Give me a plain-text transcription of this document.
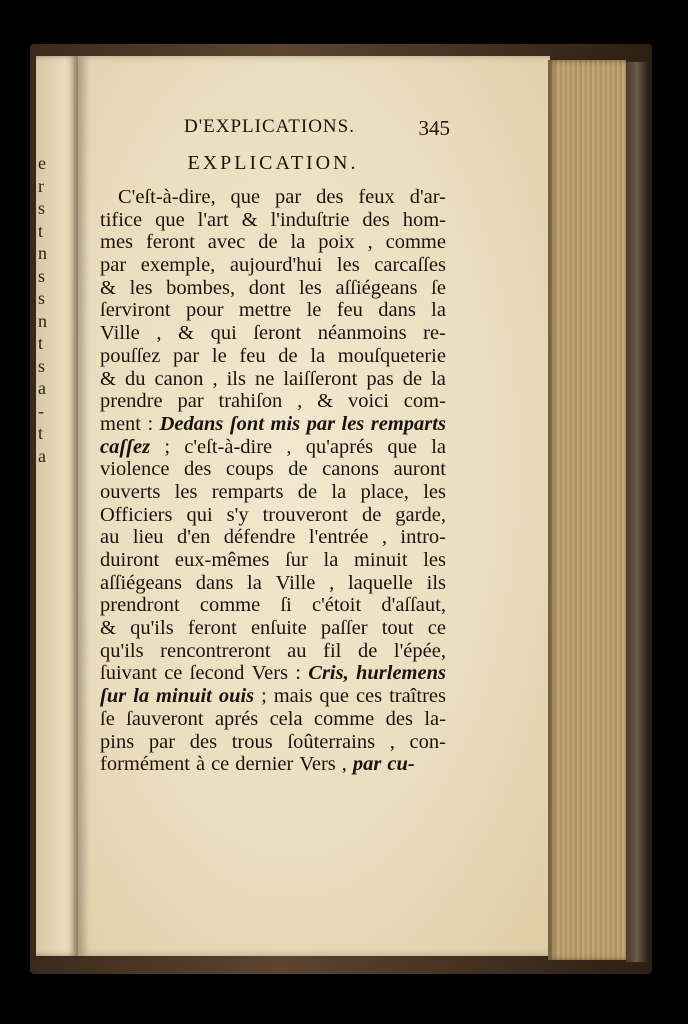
e
r
s
t
n
s
s
n
t
s
a
-
t
a
D'EXPLICATIONS.	345
EXPLICATION.
C'eſt-à-dire, que par des feux d'ar-
tifice que l'art & l'induſtrie des hom-
mes feront avec de la poix , comme
par exemple, aujourd'hui les carcaſſes
& les bombes, dont les aſſiégeans ſe
ſerviront pour mettre le feu dans la
Ville , & qui ſeront néanmoins re-
pouſſez par le feu de la mouſqueterie
& du canon , ils ne laiſſeront pas de la
prendre par trahiſon , & voici com-
ment : Dedans ſont mis par les remparts
caſſez ; c'eſt-à-dire , qu'aprés que la
violence des coups de canons auront
ouverts les remparts de la place, les
Officiers qui s'y trouveront de garde,
au lieu d'en défendre l'entrée , intro-
duiront eux-mêmes ſur la minuit les
aſſiégeans dans la Ville , laquelle ils
prendront comme ſi c'étoit d'aſſaut,
& qu'ils feront enſuite paſſer tout ce
qu'ils rencontreront au fil de l'épée,
ſuivant ce ſecond Vers : Cris, hurlemens
ſur la minuit ouis ; mais que ces traîtres
ſe ſauveront aprés cela comme des la-
pins par des trous ſoûterrains , con-
formément à ce dernier Vers , par cu-
